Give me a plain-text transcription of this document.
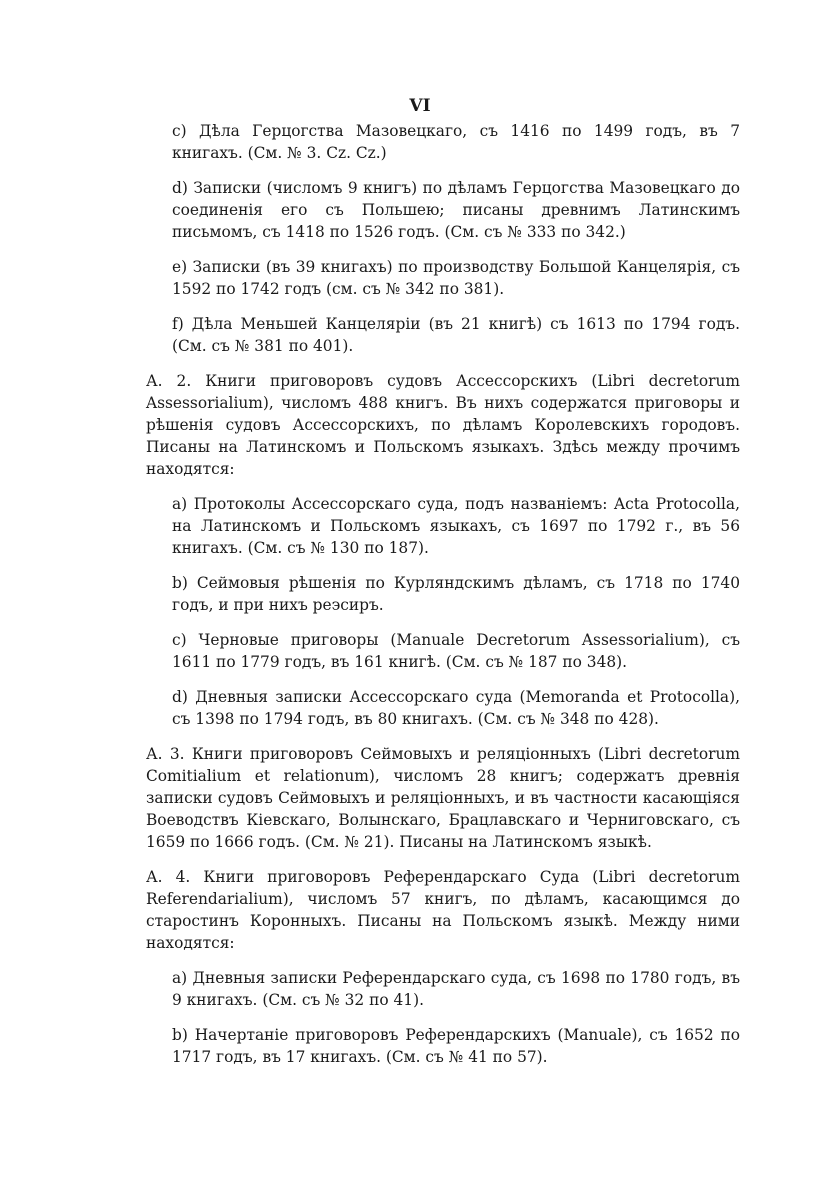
VI

c) Дѣла Герцогства Мазовецкаго, съ 1416 по 1499 годъ, въ 7 книгахъ. (См. № 3. Cz. Cz.)

d) Записки (числомъ 9 книгъ) по дѣламъ Герцогства Мазовецкаго до соединенія его съ Польшею; писаны древнимъ Латинскимъ письмомъ, съ 1418 по 1526 годъ. (См. съ № 333 по 342.)

e) Записки (въ 39 книгахъ) по производству Большой Канцелярія, съ 1592 по 1742 годъ (см. съ № 342 по 381).

f) Дѣла Меньшей Канцеляріи (въ 21 книгѣ) съ 1613 по 1794 годъ. (См. съ № 381 по 401).

А. 2. Книги приговоровъ судовъ Ассессорскихъ (Libri decretorum Assessorialium), числомъ 488 книгъ. Въ нихъ содержатся приговоры и рѣшенія судовъ Ассессорскихъ, по дѣламъ Королевскихъ городовъ. Писаны на Латинскомъ и Польскомъ языкахъ. Здѣсь между прочимъ находятся:

a) Протоколы Ассессорскаго суда, подъ названіемъ: Acta Protocolla, на Латинскомъ и Польскомъ языкахъ, съ 1697 по 1792 г., въ 56 книгахъ. (См. съ № 130 по 187).

b) Сеймовыя рѣшенія по Курляндскимъ дѣламъ, съ 1718 по 1740 годъ, и при нихъ реэсиръ.

c) Черновые приговоры (Manuale Decretorum Assessorialium), съ 1611 по 1779 годъ, въ 161 книгѣ. (См. съ № 187 по 348).

d) Дневныя записки Ассессорскаго суда (Memoranda et Protocolla), съ 1398 по 1794 годъ, въ 80 книгахъ. (См. съ № 348 по 428).

А. 3. Книги приговоровъ Сеймовыхъ и реляціонныхъ (Libri decretorum Comitialium et relationum), числомъ 28 книгъ; содержатъ древнія записки судовъ Сеймовыхъ и реляціонныхъ, и въ частности касающіяся Воеводствъ Кіевскаго, Волынскаго, Брацлавскаго и Черниговскаго, съ 1659 по 1666 годъ. (См. № 21). Писаны на Латинскомъ языкѣ.

А. 4. Книги приговоровъ Референдарскаго Суда (Libri decretorum Referendarialium), числомъ 57 книгъ, по дѣламъ, касающимся до старостинъ Коронныхъ. Писаны на Польскомъ языкѣ. Между ними находятся:

a) Дневныя записки Референдарскаго суда, съ 1698 по 1780 годъ, въ 9 книгахъ. (См. съ № 32 по 41).

b) Начертаніе приговоровъ Референдарскихъ (Manuale), съ 1652 по 1717 годъ, въ 17 книгахъ. (См. съ № 41 по 57).
